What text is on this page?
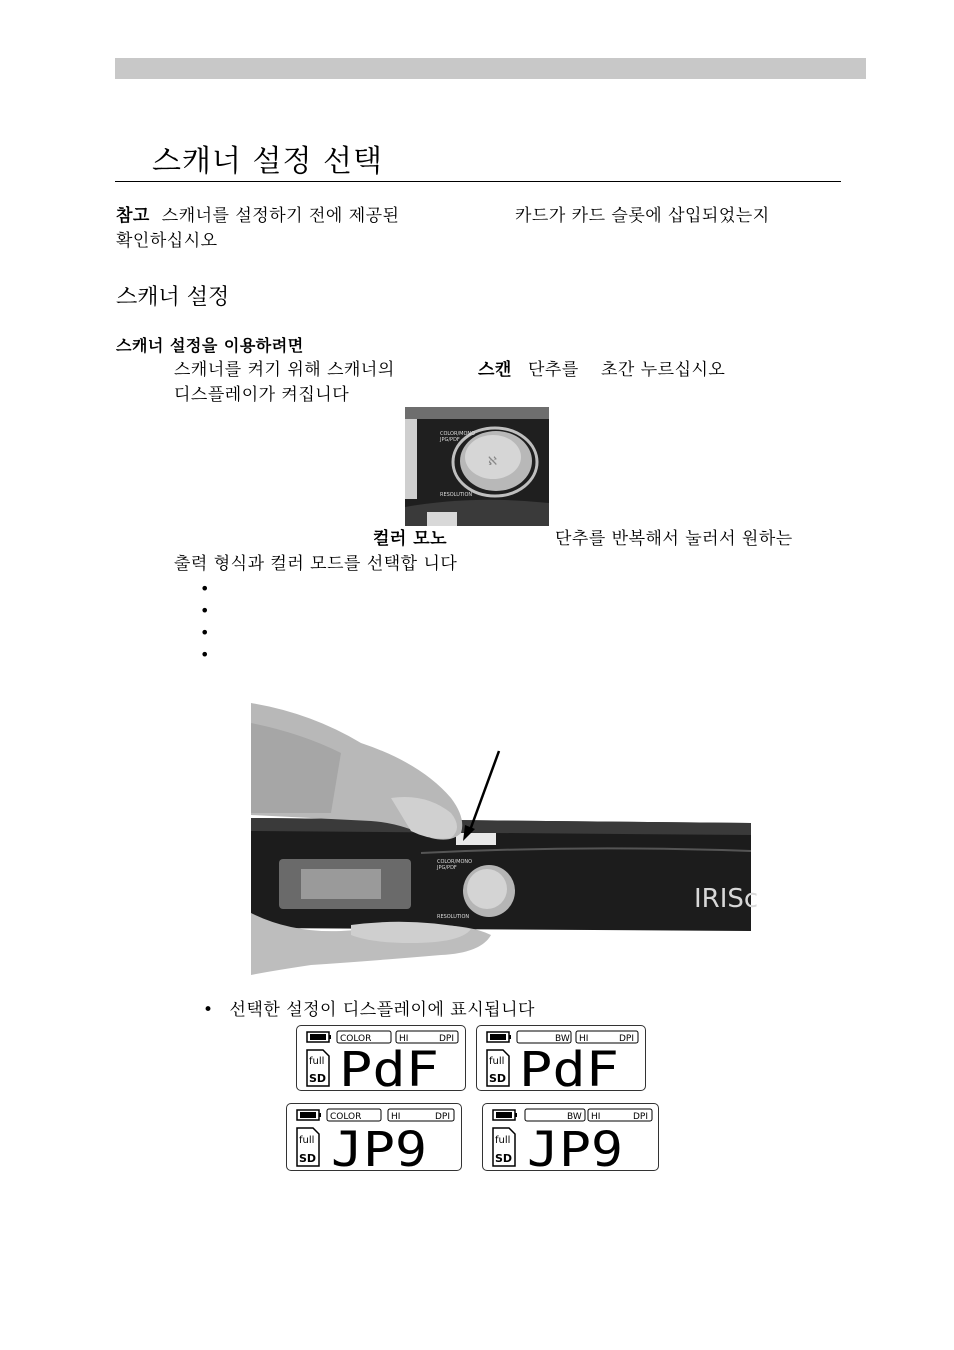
스캐너 설정 선택
참고 스캐너를 설정하기 전에 제공된	카드가 카드 슬롯에 삽입되었는지
확인하십시오
스캐너 설정
스캐너 설정을 이용하려면
스캐너를 켜기 위해 스캐너의	스캔 단추를 초간 누르십시오
디스플레이가 켜집니다
ℵ
COLOR/MONO
JPG/PDF
RESOLUTION
컬러 모노	단추를 반복해서 눌러서 원하는
출력 형식과 컬러 모드를 선택합 니다
•
•
•
•
COLOR/MONO
JPG/PDF
RESOLUTION
IRISc
• 선택한 설정이 디스플레이에 표시됩니다
COLOR	HI	DPI
full
SD PdF
BW HI	DPI
full
SD PdF
COLOR	HI	DPI
full
SD JP9
BW HI	DPI
full
SD JP9
